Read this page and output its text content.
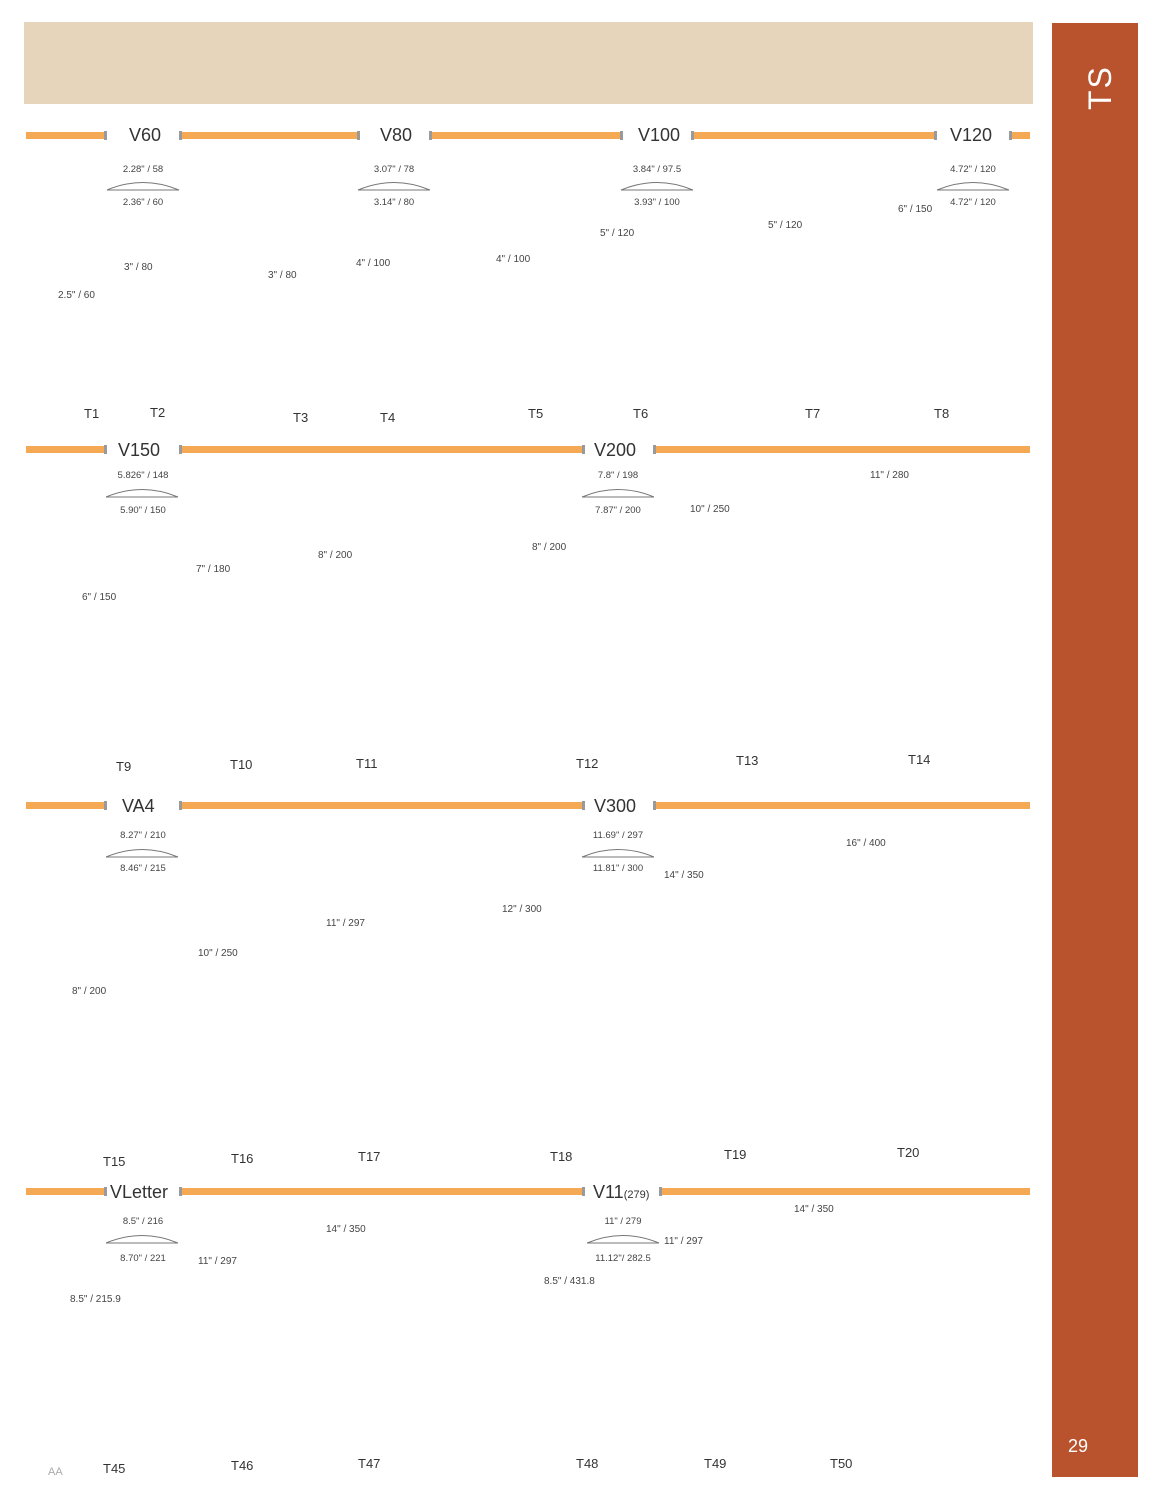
TS
29
AA
V60	V80	V100	V120
2.28" / 58
2.36" / 60
3.07" / 78
3.14" / 80
3.84" / 97.5
3.93" / 100
4.72" / 120
4.72" / 120
2.5" / 60
T1
3" / 80
T2
3" / 80
T3
4" / 100
T4
4" / 100
T5
5" / 120
T6
5" / 120
T7
6" / 150
T8
V150	V200
5.826" / 148
5.90" / 150
7.8" / 198
7.87" / 200
6" / 150
T9
7" / 180
T10
8" / 200
T11
8" / 200
T12
10" / 250
T13
11" / 280
T14
VA4	V300
8.27" / 210
8.46" / 215
11.69" / 297
11.81" / 300
8" / 200
T15
10" / 250
T16
11" / 297
T17
12" / 300
T18
14" / 350
T19
16" / 400
T20
VLetter	V11(279)
8.5" / 216
8.70" / 221
11" / 279
11.12"/ 282.5
8.5" / 215.9
T45
11" / 297
T46
14" / 350
T47
8.5" / 431.8
T48
11" / 297
T49
14" / 350
T50
